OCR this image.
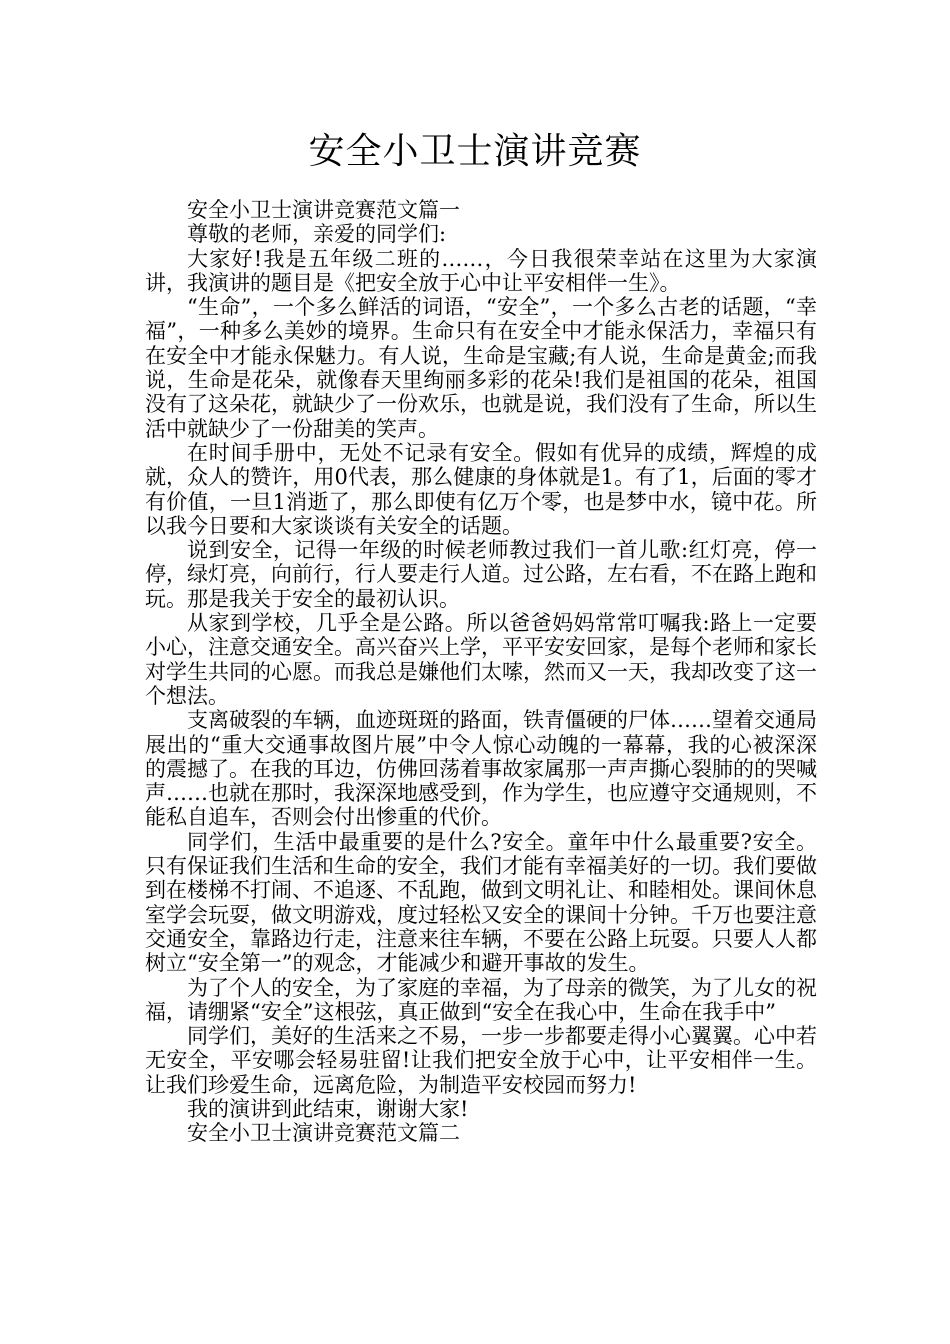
安全小卫士演讲竞赛

安全小卫士演讲竞赛范文篇一

尊敬的老师，亲爱的同学们:

大家好!我是五年级二班的……，今日我很荣幸站在这里为大家演讲，我演讲的题目是《把安全放于心中让平安相伴一生》。

“生命”，一个多么鲜活的词语，“安全”，一个多么古老的话题，“幸福”，一种多么美妙的境界。生命只有在安全中才能永保活力，幸福只有在安全中才能永保魅力。有人说，生命是宝藏;有人说，生命是黄金;而我说，生命是花朵，就像春天里绚丽多彩的花朵!我们是祖国的花朵，祖国没有了这朵花，就缺少了一份欢乐，也就是说，我们没有了生命，所以生活中就缺少了一份甜美的笑声。

在时间手册中，无处不记录有安全。假如有优异的成绩，辉煌的成就，众人的赞许，用0代表，那么健康的身体就是1。有了1，后面的零才有价值，一旦1消逝了，那么即使有亿万个零，也是梦中水，镜中花。所以我今日要和大家谈谈有关安全的话题。

说到安全，记得一年级的时候老师教过我们一首儿歌:红灯亮，停一停，绿灯亮，向前行，行人要走行人道。过公路，左右看，不在路上跑和玩。那是我关于安全的最初认识。

从家到学校，几乎全是公路。所以爸爸妈妈常常叮嘱我:路上一定要小心，注意交通安全。高兴奋兴上学，平平安安回家，是每个老师和家长对学生共同的心愿。而我总是嫌他们太嗦，然而又一天，我却改变了这一个想法。

支离破裂的车辆，血迹斑斑的路面，铁青僵硬的尸体……望着交通局展出的“重大交通事故图片展”中令人惊心动魄的一幕幕，我的心被深深的震撼了。在我的耳边，仿佛回荡着事故家属那一声声撕心裂肺的的哭喊声……也就在那时，我深深地感受到，作为学生，也应遵守交通规则，不能私自追车，否则会付出惨重的代价。

同学们，生活中最重要的是什么?安全。童年中什么最重要?安全。只有保证我们生活和生命的安全，我们才能有幸福美好的一切。我们要做到在楼梯不打闹、不追逐、不乱跑，做到文明礼让、和睦相处。课间休息室学会玩耍，做文明游戏，度过轻松又安全的课间十分钟。千万也要注意交通安全，靠路边行走，注意来往车辆，不要在公路上玩耍。只要人人都树立“安全第一”的观念，才能减少和避开事故的发生。

为了个人的安全，为了家庭的幸福，为了母亲的微笑，为了儿女的祝福，请绷紧“安全”这根弦，真正做到“安全在我心中，生命在我手中”

同学们，美好的生活来之不易，一步一步都要走得小心翼翼。心中若无安全，平安哪会轻易驻留!让我们把安全放于心中，让平安相伴一生。让我们珍爱生命，远离危险，为制造平安校园而努力!

我的演讲到此结束，谢谢大家!

安全小卫士演讲竞赛范文篇二
